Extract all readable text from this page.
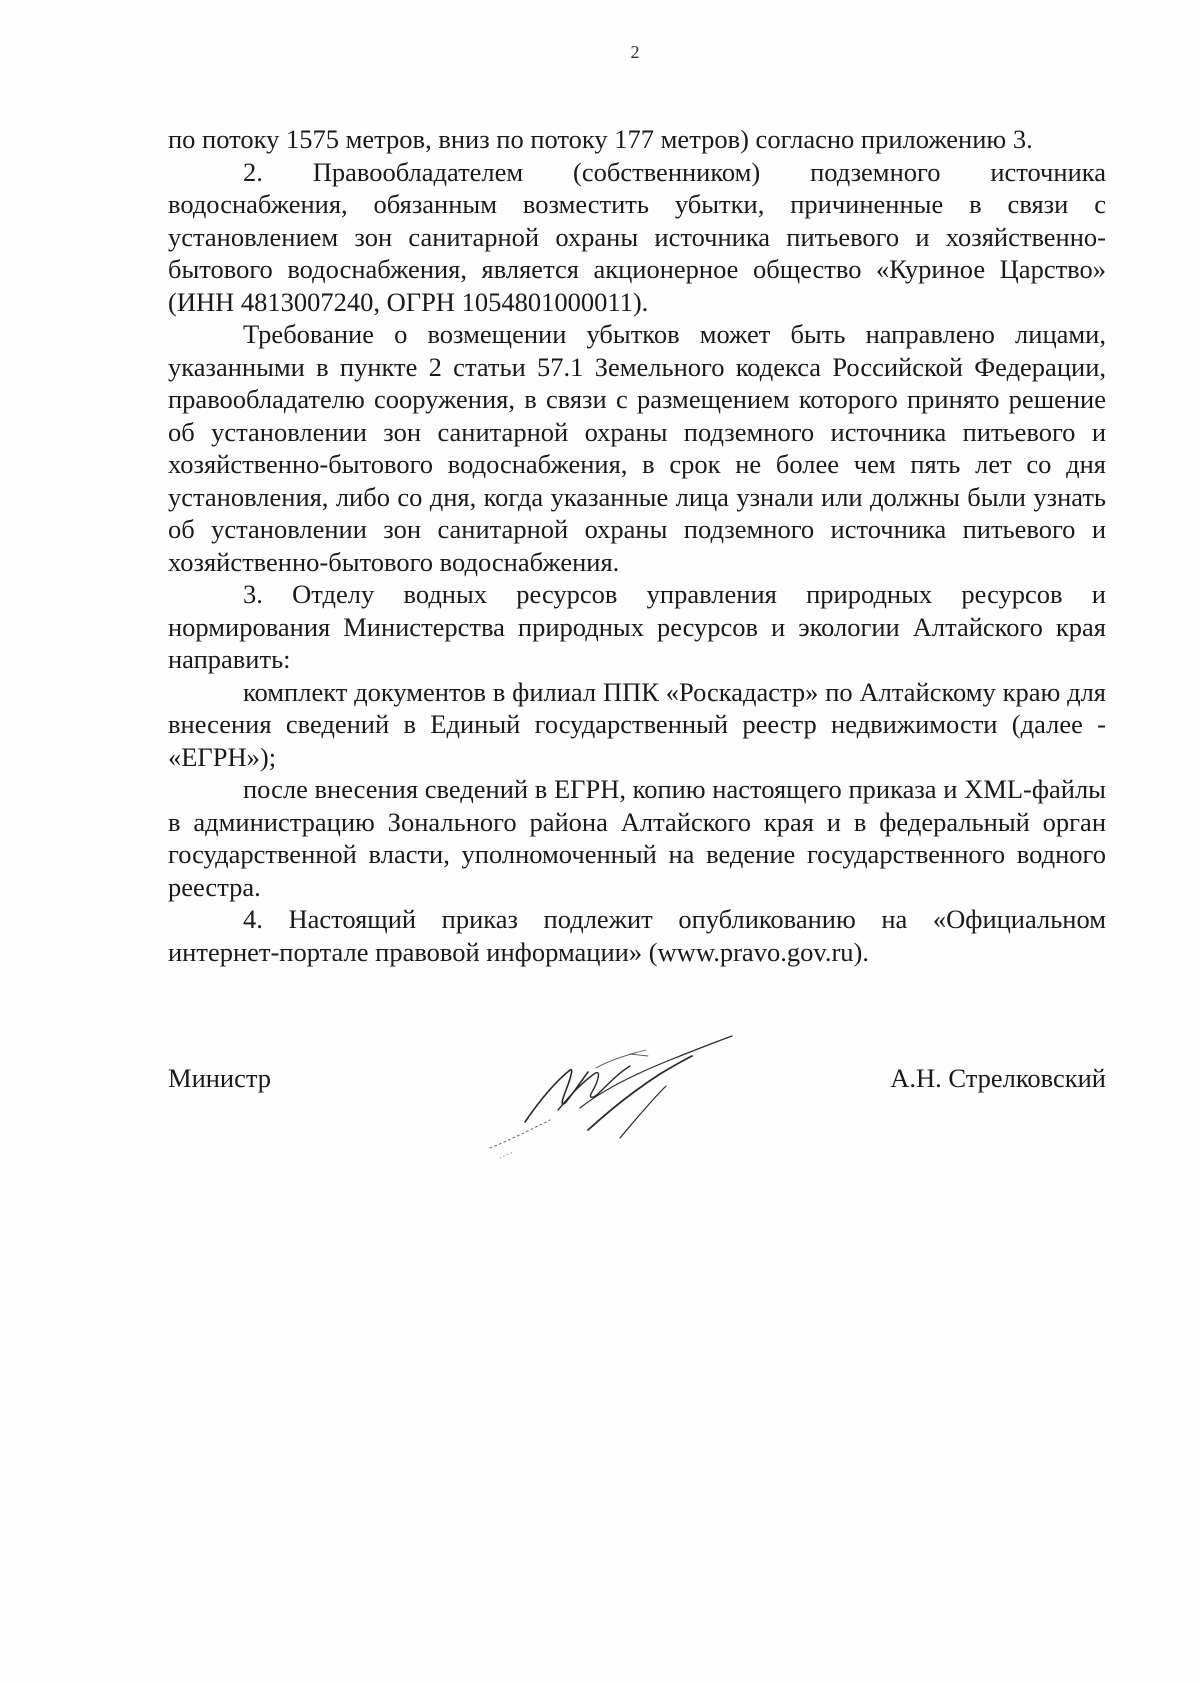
2

по потоку 1575 метров, вниз по потоку 177 метров) согласно приложению 3.

2. Правообладателем (собственником) подземного источника водоснабжения, обязанным возместить убытки, причиненные в связи с установлением зон санитарной охраны источника питьевого и хозяйственно-бытового водоснабжения, является акционерное общество «Куриное Царство» (ИНН 4813007240, ОГРН 1054801000011).

Требование о возмещении убытков может быть направлено лицами, указанными в пункте 2 статьи 57.1 Земельного кодекса Российской Федерации, правообладателю сооружения, в связи с размещением которого принято решение об установлении зон санитарной охраны подземного источника питьевого и хозяйственно-бытового водоснабжения, в срок не более чем пять лет со дня установления, либо со дня, когда указанные лица узнали или должны были узнать об установлении зон санитарной охраны подземного источника питьевого и хозяйственно-бытового водоснабжения.

3. Отделу водных ресурсов управления природных ресурсов и нормирования Министерства природных ресурсов и экологии Алтайского края направить:

комплект документов в филиал ППК «Роскадастр» по Алтайскому краю для внесения сведений в Единый государственный реестр недвижимости (далее - «ЕГРН»);

после внесения сведений в ЕГРН, копию настоящего приказа и XML-файлы в администрацию Зонального района Алтайского края и в федеральный орган государственной власти, уполномоченный на ведение государственного водного реестра.

4. Настоящий приказ подлежит опубликованию на «Официальном интернет-портале правовой информации» (www.pravo.gov.ru).

Министр	А.Н. Стрелковский
